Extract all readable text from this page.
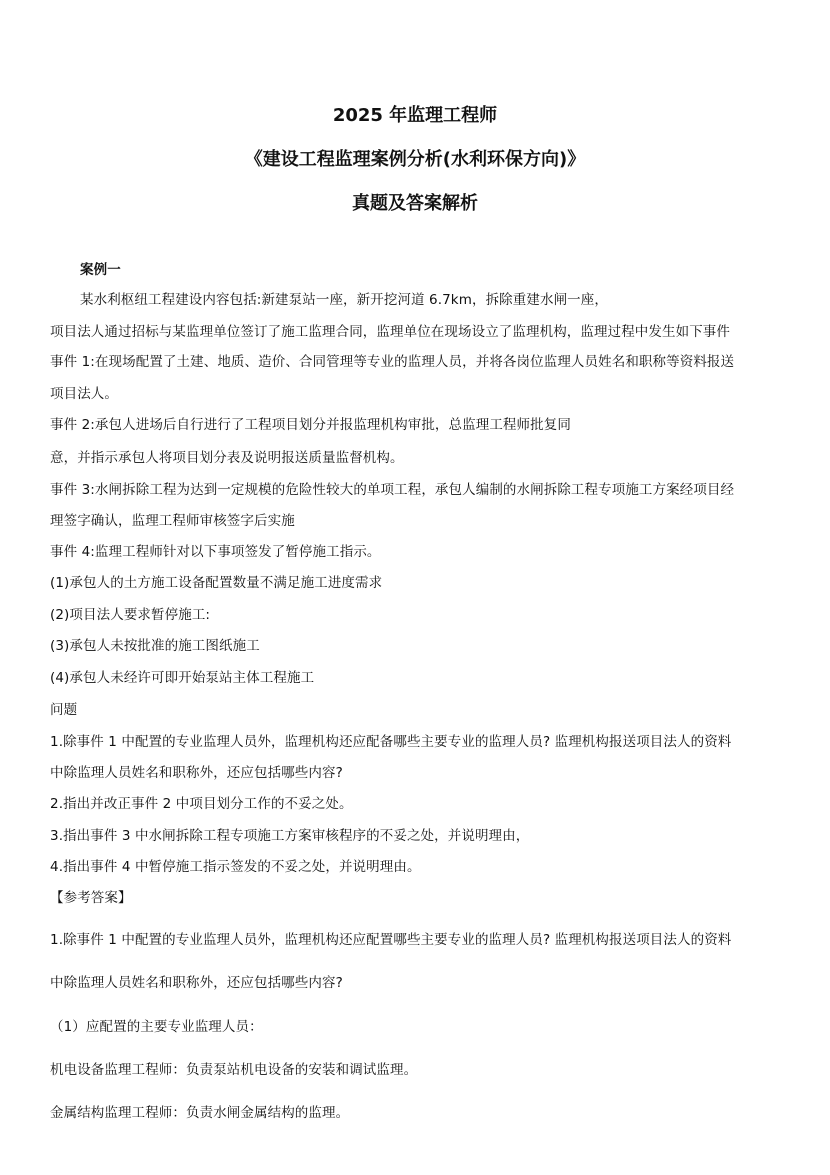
2025 年监理工程师
《建设工程监理案例分析(水利环保方向)》
真题及答案解析

案例一

某水利枢纽工程建设内容包括:新建泵站一座，新开挖河道 6.7km，拆除重建水闸一座，

项目法人通过招标与某监理单位签订了施工监理合同，监理单位在现场设立了监理机构，监理过程中发生如下事件

事件 1:在现场配置了土建、地质、造价、合同管理等专业的监理人员，并将各岗位监理人员姓名和职称等资料报送

项目法人。

事件 2:承包人进场后自行进行了工程项目划分并报监理机构审批，总监理工程师批复同

意，并指示承包人将项目划分表及说明报送质量监督机构。

事件 3:水闸拆除工程为达到一定规模的危险性较大的单项工程，承包人编制的水闸拆除工程专项施工方案经项目经

理签字确认，监理工程师审核签字后实施

事件 4:监理工程师针对以下事项签发了暂停施工指示。

(1)承包人的土方施工设备配置数量不满足施工进度需求

(2)项目法人要求暂停施工:

(3)承包人未按批准的施工图纸施工

(4)承包人未经许可即开始泵站主体工程施工

问题

1.除事件 1 中配置的专业监理人员外，监理机构还应配备哪些主要专业的监理人员? 监理机构报送项目法人的资料

中除监理人员姓名和职称外，还应包括哪些内容?

2.指出并改正事件 2 中项目划分工作的不妥之处。

3.指出事件 3 中水闸拆除工程专项施工方案审核程序的不妥之处，并说明理由，

4.指出事件 4 中暂停施工指示签发的不妥之处，并说明理由。

【参考答案】

1.除事件 1 中配置的专业监理人员外，监理机构还应配置哪些主要专业的监理人员? 监理机构报送项目法人的资料

中除监理人员姓名和职称外，还应包括哪些内容?

（1）应配置的主要专业监理人员：

机电设备监理工程师：负责泵站机电设备的安装和调试监理。

金属结构监理工程师：负责水闸金属结构的监理。
